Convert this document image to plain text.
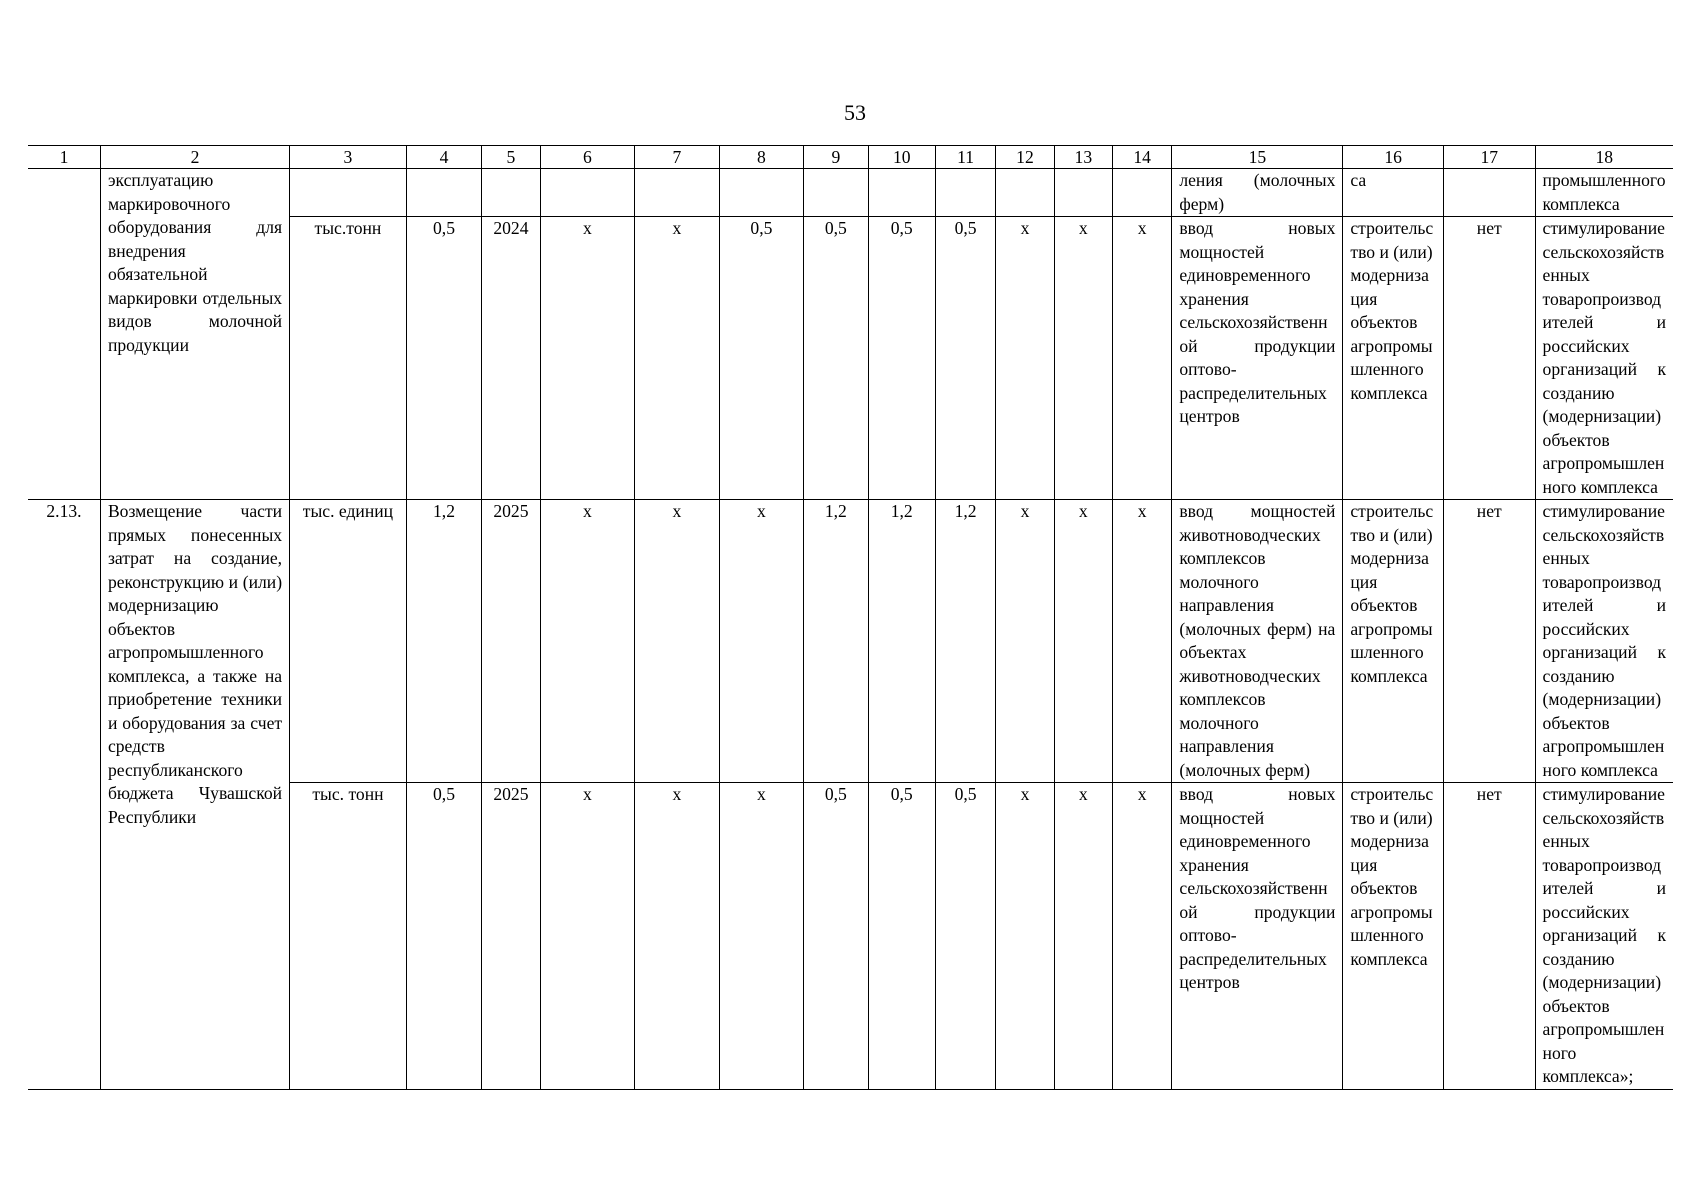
53
1	2	3	4	5	6	7	8	9	10	11	12	13	14	15	16	17	18
	эксплуатацию маркировочного оборудования для внедрения обязательной маркировки отдельных видов молочной продукции													ления (молочных ферм)	са		промышленного комплекса
		тыс.тонн	0,5	2024	х	х	0,5	0,5	0,5	0,5	х	х	х	ввод новых мощностей единовременного хранения сельскохозяйственной продукции оптово-распределительных центров	строительство и (или) модернизация объектов агропромышленного комплекса	нет	стимулирование сельскохозяйственных товаропроизводителей и российских организаций к созданию (модернизации) объектов агропромышленного комплекса
2.13.	Возмещение части прямых понесенных затрат на создание, реконструкцию и (или) модернизацию объектов агропромышленного комплекса, а также на приобретение техники и оборудования за счет средств республиканского бюджета Чувашской Республики	тыс. единиц	1,2	2025	х	х	х	1,2	1,2	1,2	х	х	х	ввод мощностей животноводческих комплексов молочного направления (молочных ферм) на объектах животноводческих комплексов молочного направления (молочных ферм)	строительство и (или) модернизация объектов агропромышленного комплекса	нет	стимулирование сельскохозяйственных товаропроизводителей и российских организаций к созданию (модернизации) объектов агропромышленного комплекса
		тыс. тонн	0,5	2025	х	х	х	0,5	0,5	0,5	х	х	х	ввод новых мощностей единовременного хранения сельскохозяйственной продукции оптово-распределительных центров	строительство и (или) модернизация объектов агропромышленного комплекса	нет	стимулирование сельскохозяйственных товаропроизводителей и российских организаций к созданию (модернизации) объектов агропромышленного комплекса»;
